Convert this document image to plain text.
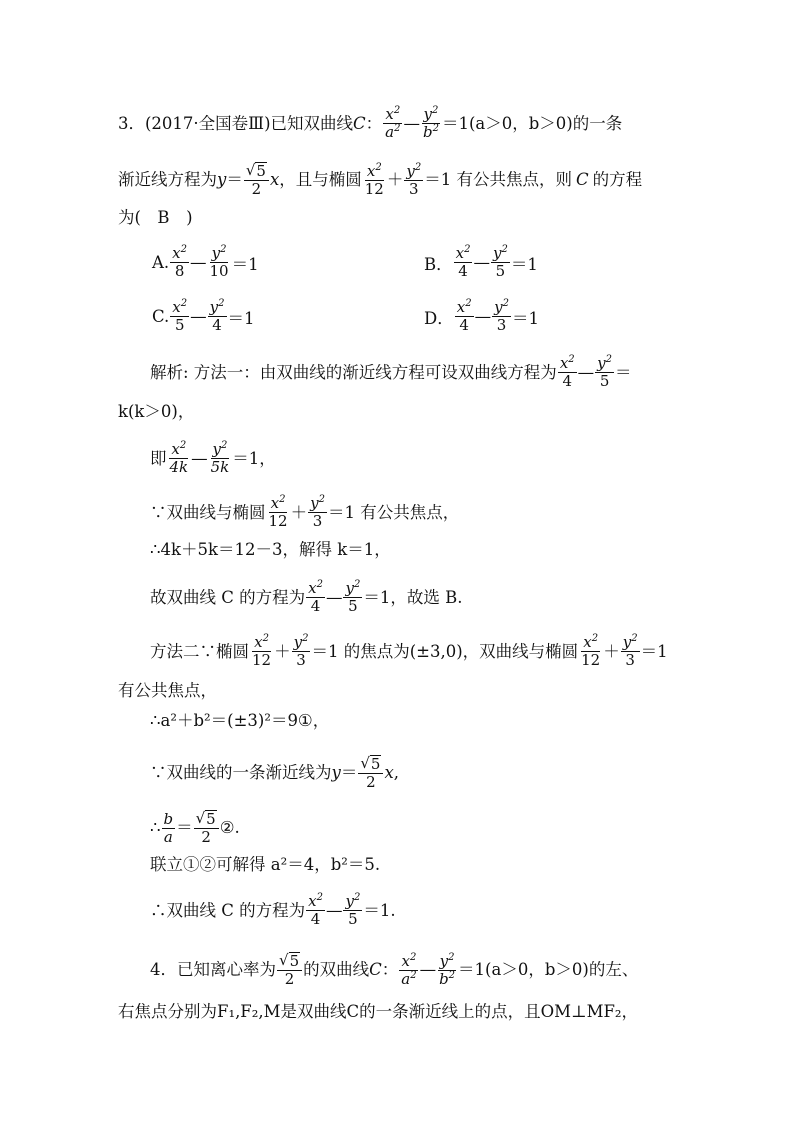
3．(2017·全国卷Ⅲ)已知双曲线 C ： $\frac{x^2}{a^2}$ — $\frac{y^2}{b^2} =1(a>0$，b＞0)的一条
渐近线方程为 $y = \frac{√ 5}{2}$ x ，且与椭圆 $\frac{x^2}{12} + \frac{y^2}{3} =1$ 有公共焦点，则 C 的方程
为(　B　)
A. $\frac{x^2}{8}$ — $\frac{y^2}{10} =1$	B． $\frac{x^2}{4}$ — $\frac{y^2}{5} =1$
C. $\frac{x^2}{5}$ — $\frac{y^2}{4} =1$	D． $\frac{x^2}{4}$ — $\frac{y^2}{3} =1$
解析 : 方法一：由双曲线的渐近线方程可设双曲线方程为 $\frac{x^2}{4}$ — $\frac{y^2}{5}$ ＝
k(k＞0)，
即 $\frac{x^2}{4k}$ — $\frac{y^2}{5k} =1$，
∵双曲线与椭圆 $\frac{x^2}{12} + \frac{y^2}{3} =1$ 有公共焦点，
∴4k＋5k＝12－3，解得 k＝1，
故双曲线 C 的方程为 $\frac{x^2}{4}$ — $\frac{y^2}{5} =1$，故选 B.
方法二∵椭圆 $\frac{x^2}{12} + \frac{y^2}{3} =1$ 的焦点为(±3,0)，双曲线与椭圆 $\frac{x^2}{12} + \frac{y^2}{3} =1$
有公共焦点，
∴a²＋b²＝(±3)²＝9①，
∵双曲线的一条渐近线为 $y = \frac{√ 5}{2}$ x ,
∴ $\frac{b}{a} = \frac{√ 5}{2}$ ②.
联立①②可解得 a²＝4，b²＝5.
∴双曲线 C 的方程为 $\frac{x^2}{4}$ — $\frac{y^2}{5} =1$.
4．已知离心率为 $\frac{√ 5}{2}$ 的双曲线 C ： $\frac{x^2}{a^2}$ — $\frac{y^2}{b^2} =1(a>0$，b＞0)的左、
右焦点分别为F₁,F₂,M是双曲线C的一条渐近线上的点，且OM⊥MF₂，
